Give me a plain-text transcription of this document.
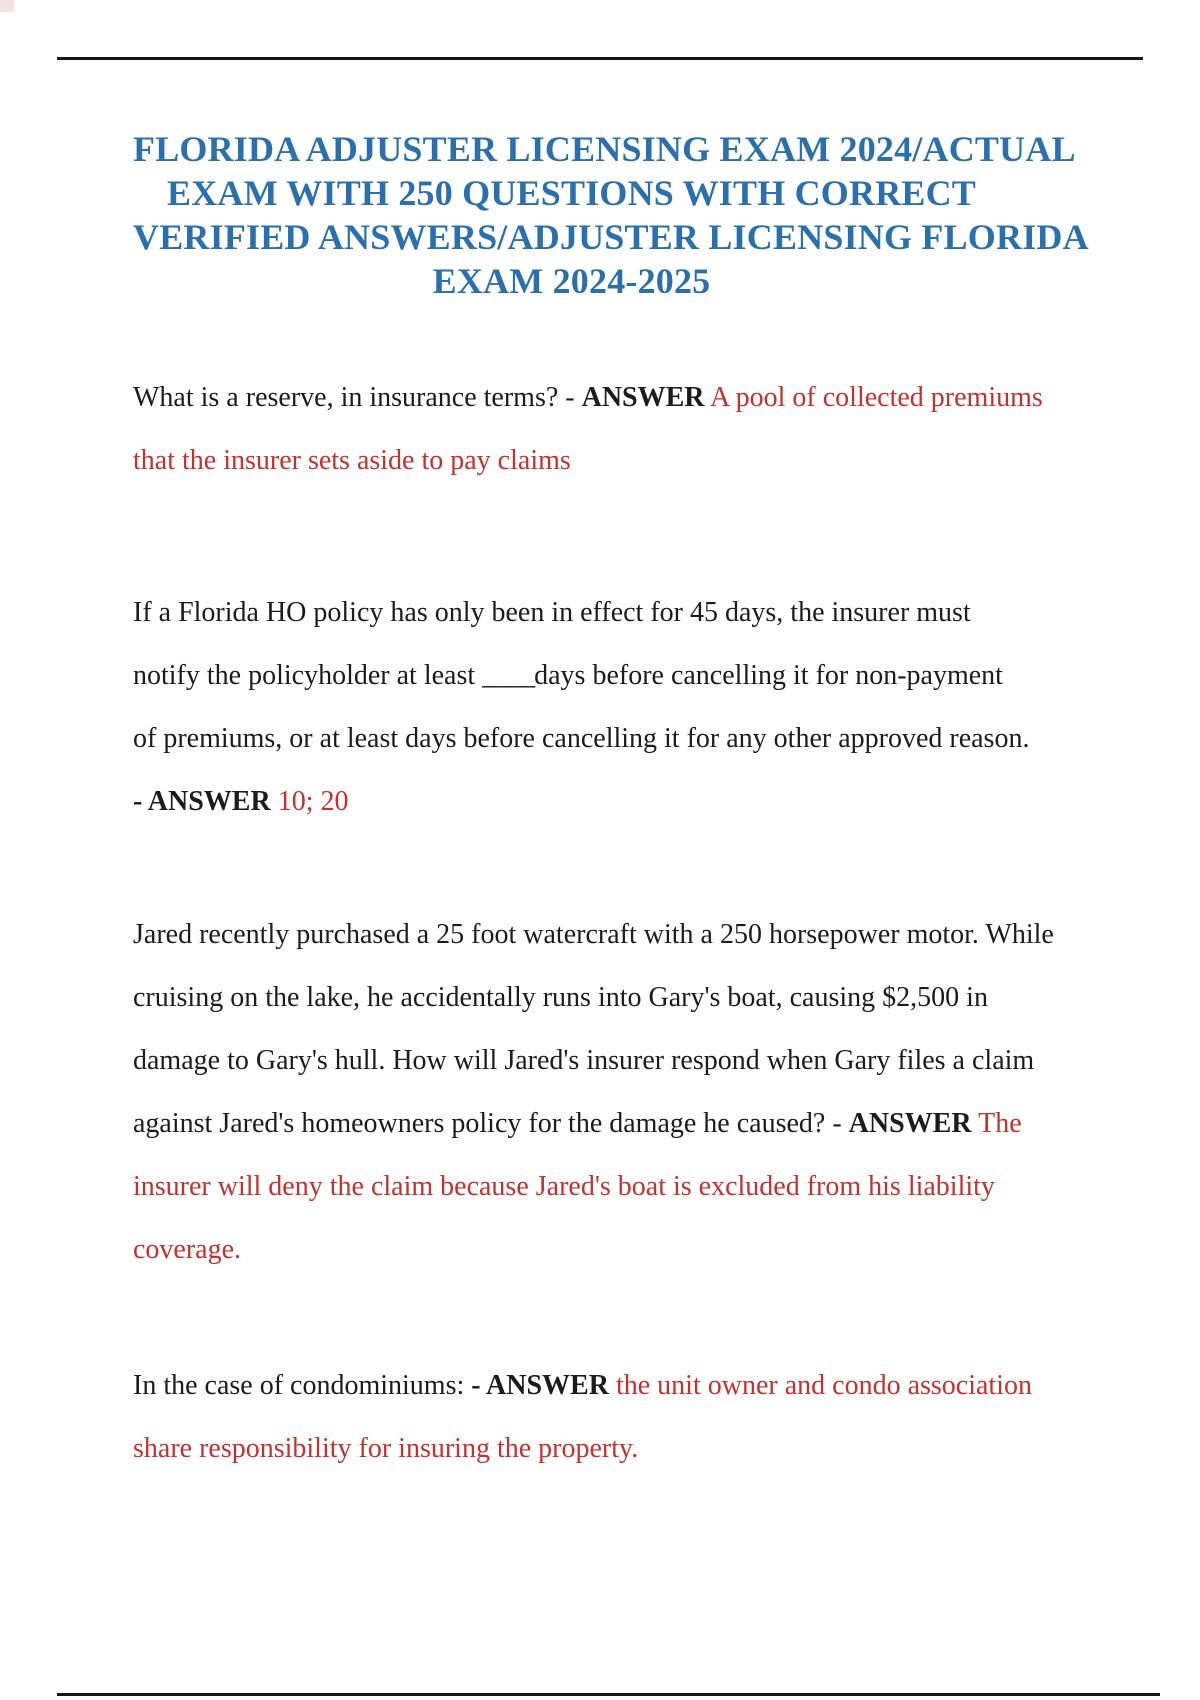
FLORIDA ADJUSTER LICENSING EXAM 2024/ACTUAL
EXAM WITH 250 QUESTIONS WITH CORRECT
VERIFIED ANSWERS/ADJUSTER LICENSING FLORIDA
EXAM 2024-2025
What is a reserve, in insurance terms? - ANSWER A pool of collected premiums
that the insurer sets aside to pay claims
If a Florida HO policy has only been in effect for 45 days, the insurer must
notify the policyholder at least ____days before cancelling it for non-payment
of premiums, or at least days before cancelling it for any other approved reason.
- ANSWER 10; 20
Jared recently purchased a 25 foot watercraft with a 250 horsepower motor. While
cruising on the lake, he accidentally runs into Gary's boat, causing $2,500 in
damage to Gary's hull. How will Jared's insurer respond when Gary files a claim
against Jared's homeowners policy for the damage he caused? - ANSWER The
insurer will deny the claim because Jared's boat is excluded from his liability
coverage.
In the case of condominiums: - ANSWER the unit owner and condo association
share responsibility for insuring the property.
